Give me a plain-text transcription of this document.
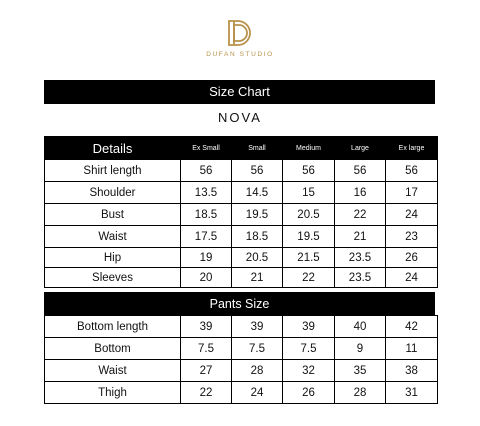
DUFAN STUDIO
Size Chart
NOVA
Details	Ex Small	Small	Medium	Large	Ex large
Shirt length	56	56	56	56	56
Shoulder	13.5	14.5	15	16	17
Bust	18.5	19.5	20.5	22	24
Waist	17.5	18.5	19.5	21	23
Hip	19	20.5	21.5	23.5	26
Sleeves	20	21	22	23.5	24
Pants Size
Bottom length	39	39	39	40	42
Bottom	7.5	7.5	7.5	9	11
Waist	27	28	32	35	38
Thigh	22	24	26	28	31
